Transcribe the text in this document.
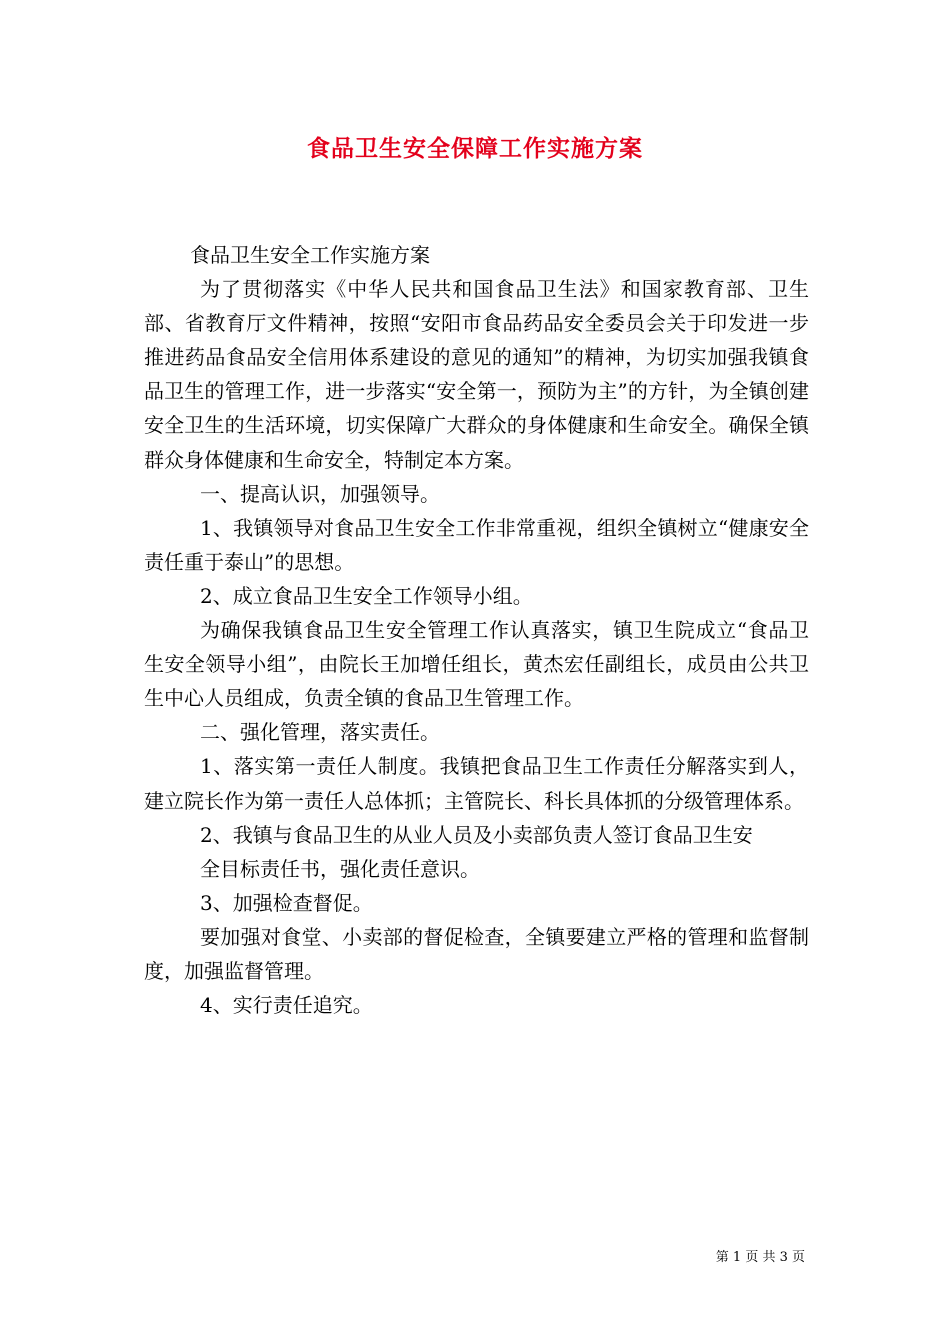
食品卫生安全保障工作实施方案

食品卫生安全工作实施方案

为了贯彻落实《中华人民共和国食品卫生法》和国家教育部、卫生部、省教育厅文件精神，按照“安阳市食品药品安全委员会关于印发进一步推进药品食品安全信用体系建设的意见的通知”的精神，为切实加强我镇食品卫生的管理工作，进一步落实“安全第一，预防为主”的方针，为全镇创建安全卫生的生活环境，切实保障广大群众的身体健康和生命安全。确保全镇群众身体健康和生命安全，特制定本方案。

一、提高认识，加强领导。

1、我镇领导对食品卫生安全工作非常重视，组织全镇树立“健康安全责任重于泰山”的思想。

2、成立食品卫生安全工作领导小组。

为确保我镇食品卫生安全管理工作认真落实，镇卫生院成立“食品卫生安全领导小组”，由院长王加增任组长，黄杰宏任副组长，成员由公共卫生中心人员组成，负责全镇的食品卫生管理工作。

二、强化管理，落实责任。

1、落实第一责任人制度。我镇把食品卫生工作责任分解落实到人，建立院长作为第一责任人总体抓；主管院长、科长具体抓的分级管理体系。

2、我镇与食品卫生的从业人员及小卖部负责人签订食品卫生安

全目标责任书，强化责任意识。

3、加强检查督促。

要加强对食堂、小卖部的督促检查，全镇要建立严格的管理和监督制度，加强监督管理。

4、实行责任追究。

第 1 页 共 3 页
